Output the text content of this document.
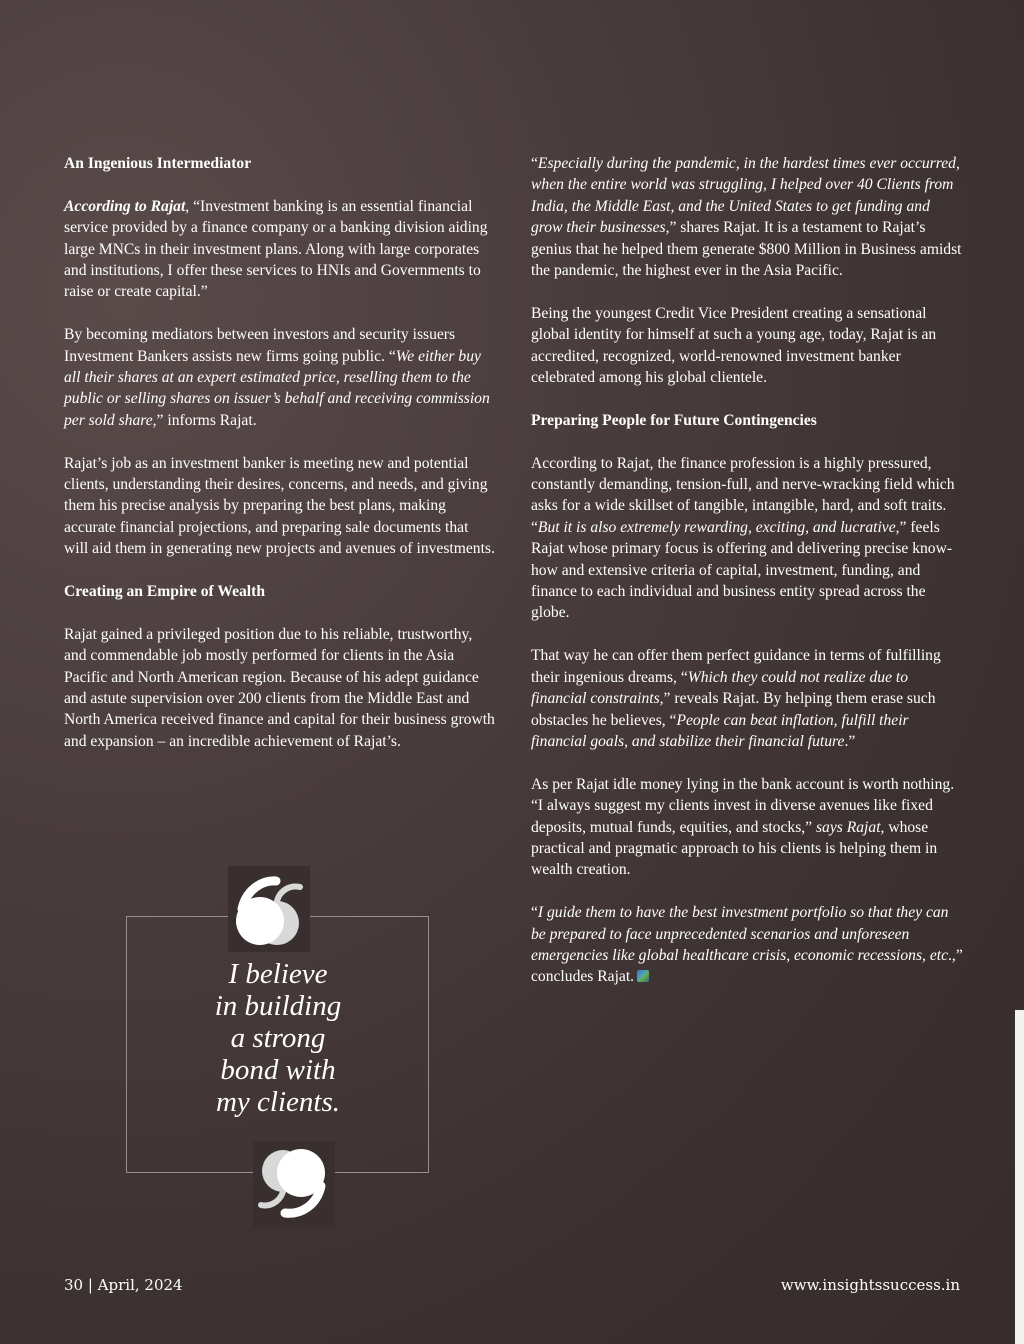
An Ingenious Intermediator

According to Rajat, “Investment banking is an essential financial service provided by a finance company or a banking division aiding large MNCs in their investment plans. Along with large corporates and institutions, I offer these services to HNIs and Governments to raise or create capital.”

By becoming mediators between investors and security issuers Investment Bankers assists new firms going public. “We either buy all their shares at an expert estimated price, reselling them to the public or selling shares on issuer’s behalf and receiving commission per sold share,” informs Rajat.

Rajat’s job as an investment banker is meeting new and potential clients, understanding their desires, concerns, and needs, and giving them his precise analysis by preparing the best plans, making accurate financial projections, and preparing sale documents that will aid them in generating new projects and avenues of investments.

Creating an Empire of Wealth

Rajat gained a privileged position due to his reliable, trustworthy, and commendable job mostly performed for clients in the Asia Pacific and North American region. Because of his adept guidance and astute supervision over 200 clients from the Middle East and North America received finance and capital for their business growth and expansion – an incredible achievement of Rajat’s.

“Especially during the pandemic, in the hardest times ever occurred, when the entire world was struggling, I helped over 40 Clients from India, the Middle East, and the United States to get funding and grow their businesses,” shares Rajat. It is a testament to Rajat’s genius that he helped them generate $800 Million in Business amidst the pandemic, the highest ever in the Asia Pacific.

Being the youngest Credit Vice President creating a sensational global identity for himself at such a young age, today, Rajat is an accredited, recognized, world-renowned investment banker celebrated among his global clientele.

Preparing People for Future Contingencies

According to Rajat, the finance profession is a highly pressured, constantly demanding, tension-full, and nerve-wracking field which asks for a wide skillset of tangible, intangible, hard, and soft traits. “But it is also extremely rewarding, exciting, and lucrative,” feels Rajat whose primary focus is offering and delivering precise know-how and extensive criteria of capital, investment, funding, and finance to each individual and business entity spread across the globe.

That way he can offer them perfect guidance in terms of fulfilling their ingenious dreams, “Which they could not realize due to financial constraints,” reveals Rajat. By helping them erase such obstacles he believes, “People can beat inflation, fulfill their financial goals, and stabilize their financial future.”

As per Rajat idle money lying in the bank account is worth nothing. “I always suggest my clients invest in diverse avenues like fixed deposits, mutual funds, equities, and stocks,” says Rajat, whose practical and pragmatic approach to his clients is helping them in wealth creation.

“I guide them to have the best investment portfolio so that they can be prepared to face unprecedented scenarios and unforeseen emergencies like global healthcare crisis, economic recessions, etc.,” concludes Rajat.

I believe
in building
a strong
bond with
my clients.
30 | April, 2024	www.insightssuccess.in
